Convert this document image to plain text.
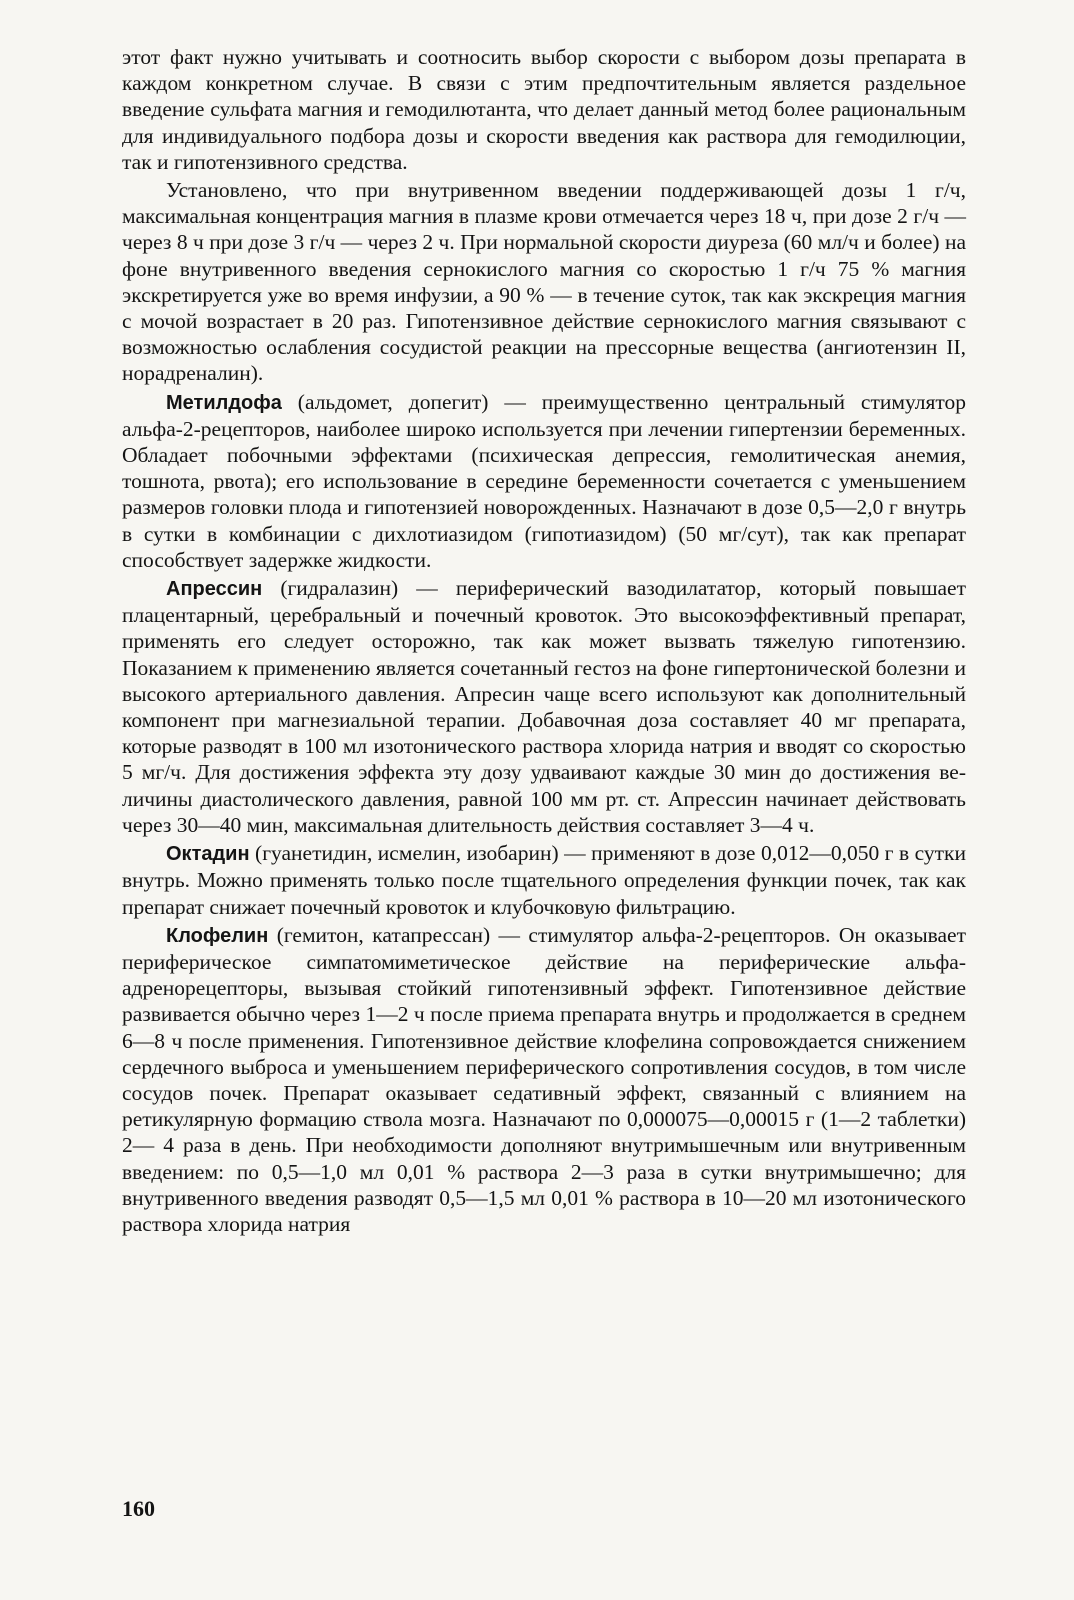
этот факт нужно учитывать и соотносить выбор скорости с выбором дозы препарата в каждом конкретном случае. В связи с этим предпочтительным является раздельное введение сульфата магния и гемодилютанта, что делает данный метод более рациональным для индивидуального подбора дозы и скорости введения как раствора для гемодилюции, так и гипотензивного средства.

Установлено, что при внутривенном введении поддерживающей дозы 1 г/ч, максимальная концентрация магния в плазме крови отмечается через 18 ч, при дозе 2 г/ч — через 8 ч при дозе 3 г/ч — через 2 ч. При нормальной скорости диуреза (60 мл/ч и более) на фоне внутривенного введения сернокислого магния со скоростью 1 г/ч 75 % магния экскретируется уже во время инфузии, а 90 % — в течение суток, так как экскреция магния с мочой возрастает в 20 раз. Гипотензивное действие сернокислого магния связывают с возможностью ослабления сосудистой реакции на прессорные вещества (ангиотензин II, норадреналин).

Метилдофа (альдомет, допегит) — преимущественно центральный стимулятор альфа-2-рецепторов, наиболее широко используется при лечении гипертензии беременных. Обладает побочными эффектами (психическая депрессия, гемолитическая анемия, тошнота, рвота); его использование в середине беременности сочетается с уменьшением размеров головки плода и гипотензией новорожденных. Назначают в дозе 0,5—2,0 г внутрь в сутки в комбинации с дихлотиазидом (гипотиазидом) (50 мг/сут), так как препарат способствует задержке жидкости.

Апрессин (гидралазин) — периферический вазодилататор, который повышает плацентарный, церебральный и почечный кровоток. Это высокоэффективный препарат, применять его следует осторожно, так как может вызвать тяжелую гипотензию. Показанием к применению является сочетанный гестоз на фоне гипертонической болезни и высокого артериального давления. Апресин чаще всего используют как дополнительный компонент при магнезиальной терапии. Добавочная доза составляет 40 мг препарата, которые разводят в 100 мл изотонического раствора хлорида натрия и вводят со скоростью 5 мг/ч. Для достижения эффекта эту дозу удваивают каждые 30 мин до достижения величины диастолического давления, равной 100 мм рт. ст. Апрессин начинает действовать через 30—40 мин, максимальная длительность действия составляет 3—4 ч.

Октадин (гуанетидин, исмелин, изобарин) — применяют в дозе 0,012—0,050 г в сутки внутрь. Можно применять только после тщательного определения функции почек, так как препарат снижает почечный кровоток и клубочковую фильтрацию.

Клофелин (гемитон, катапрессан) — стимулятор альфа-2-рецепторов. Он оказывает периферическое симпатомиметическое действие на периферические альфа-адренорецепторы, вызывая стойкий гипотензивный эффект. Гипотензивное действие развивается обычно через 1—2 ч после приема препарата внутрь и продолжается в среднем 6—8 ч после применения. Гипотензивное действие клофелина сопровождается снижением сердечного выброса и уменьшением периферического сопротивления сосудов, в том числе сосудов почек. Препарат оказывает седативный эффект, связанный с влиянием на ретикулярную формацию ствола мозга. Назначают по 0,000075—0,00015 г (1—2 таблетки) 2— 4 раза в день. При необходимости дополняют внутримышечным или внутривенным введением: по 0,5—1,0 мл 0,01 % раствора 2—3 раза в сутки внутримышечно; для внутривенного введения разводят 0,5—1,5 мл 0,01 % раствора в 10—20 мл изотонического раствора хлорида натрия

160
